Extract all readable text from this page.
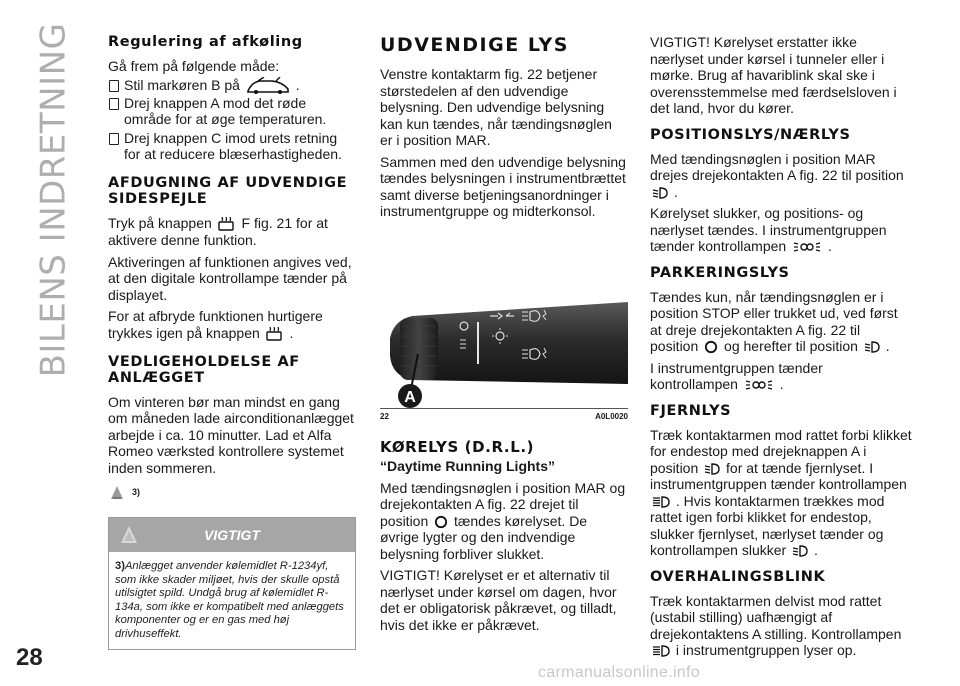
BILENS INDRETNING Regulering af afkøling

Gå frem på følgende måde:

Stil markøren B på	.

Drej knappen A mod det røde område for at øge temperaturen.

Drej knappen C imod urets retning for at reducere blæserhastigheden.

AFDUGNING AF UDVENDIGE SIDESPEJLE

Tryk på knappen F fig. 21 for at aktivere denne funktion.

Aktiveringen af funktionen angives ved, at den digitale kontrollampe tænder på displayet.

For at afbryde funktionen hurtigere trykkes igen på knappen .

VEDLIGEHOLDELSE AF ANLÆGGET

Om vinteren bør man mindst en gang om måneden lade airconditionanlægget arbejde i ca. 10 minutter. Lad et Alfa Romeo værksted kontrollere systemet inden sommeren.

3)
VIGTIGT
3)Anlægget anvender kølemidlet R-1234yf, som ikke skader miljøet, hvis der skulle opstå utilsigtet spild. Undgå brug af kølemidlet R-134a, som ikke er kompatibelt med anlæggets komponenter og er en gas med høj drivhuseffekt.
UDVENDIGE LYS

Venstre kontaktarm fig. 22 betjener størstedelen af den udvendige belysning. Den udvendige belysning kan kun tændes, når tændingsnøglen er i position MAR.

Sammen med den udvendige belysning tændes belysningen i instrumentbrættet samt diverse betjeningsanordninger i instrumentgruppe og midterkonsol.

A
22	A0L0020
KØRELYS (D.R.L.)

“Daytime Running Lights”

Med tændingsnøglen i position MAR og drejekontakten A fig. 22 drejet til position tændes kørelyset. De øvrige lygter og den indvendige belysning forbliver slukket.

VIGTIGT! Kørelyset er et alternativ til nærlyset under kørsel om dagen, hvor det er obligatorisk påkrævet, og tilladt, hvis det ikke er påkrævet.

VIGTIGT! Kørelyset erstatter ikke nærlyset under kørsel i tunneler eller i mørke. Brug af havariblink skal ske i overensstemmelse med færdselsloven i det land, hvor du kører.

POSITIONSLYS/NÆRLYS

Med tændingsnøglen i position MAR drejes drejekontakten A fig. 22 til position  .

Kørelyset slukker, og positions- og nærlyset tændes. I instrumentgruppen tænder kontrollampen	.

PARKERINGSLYS

Tændes kun, når tændingsnøglen er i position STOP eller trukket ud, ved først at dreje drejekontakten A fig. 22 til position og herefter til position .

I instrumentgruppen tænder kontrollampen	.

FJERNLYS

Træk kontaktarmen mod rattet forbi klikket for endestop med drejeknappen A i position for at tænde fjernlyset. I instrumentgruppen tænder kontrollampen  . Hvis kontaktarmen trækkes mod rattet igen forbi klikket for endestop, slukker fjernlyset, nærlyset tænder og kontrollampen slukker .

OVERHALINGSBLINK

Træk kontaktarmen delvist mod rattet (ustabil stilling) uafhængigt af drejekontaktens A stilling. Kontrollampen  i instrumentgruppen lyser op.

28
carmanualsonline.info
